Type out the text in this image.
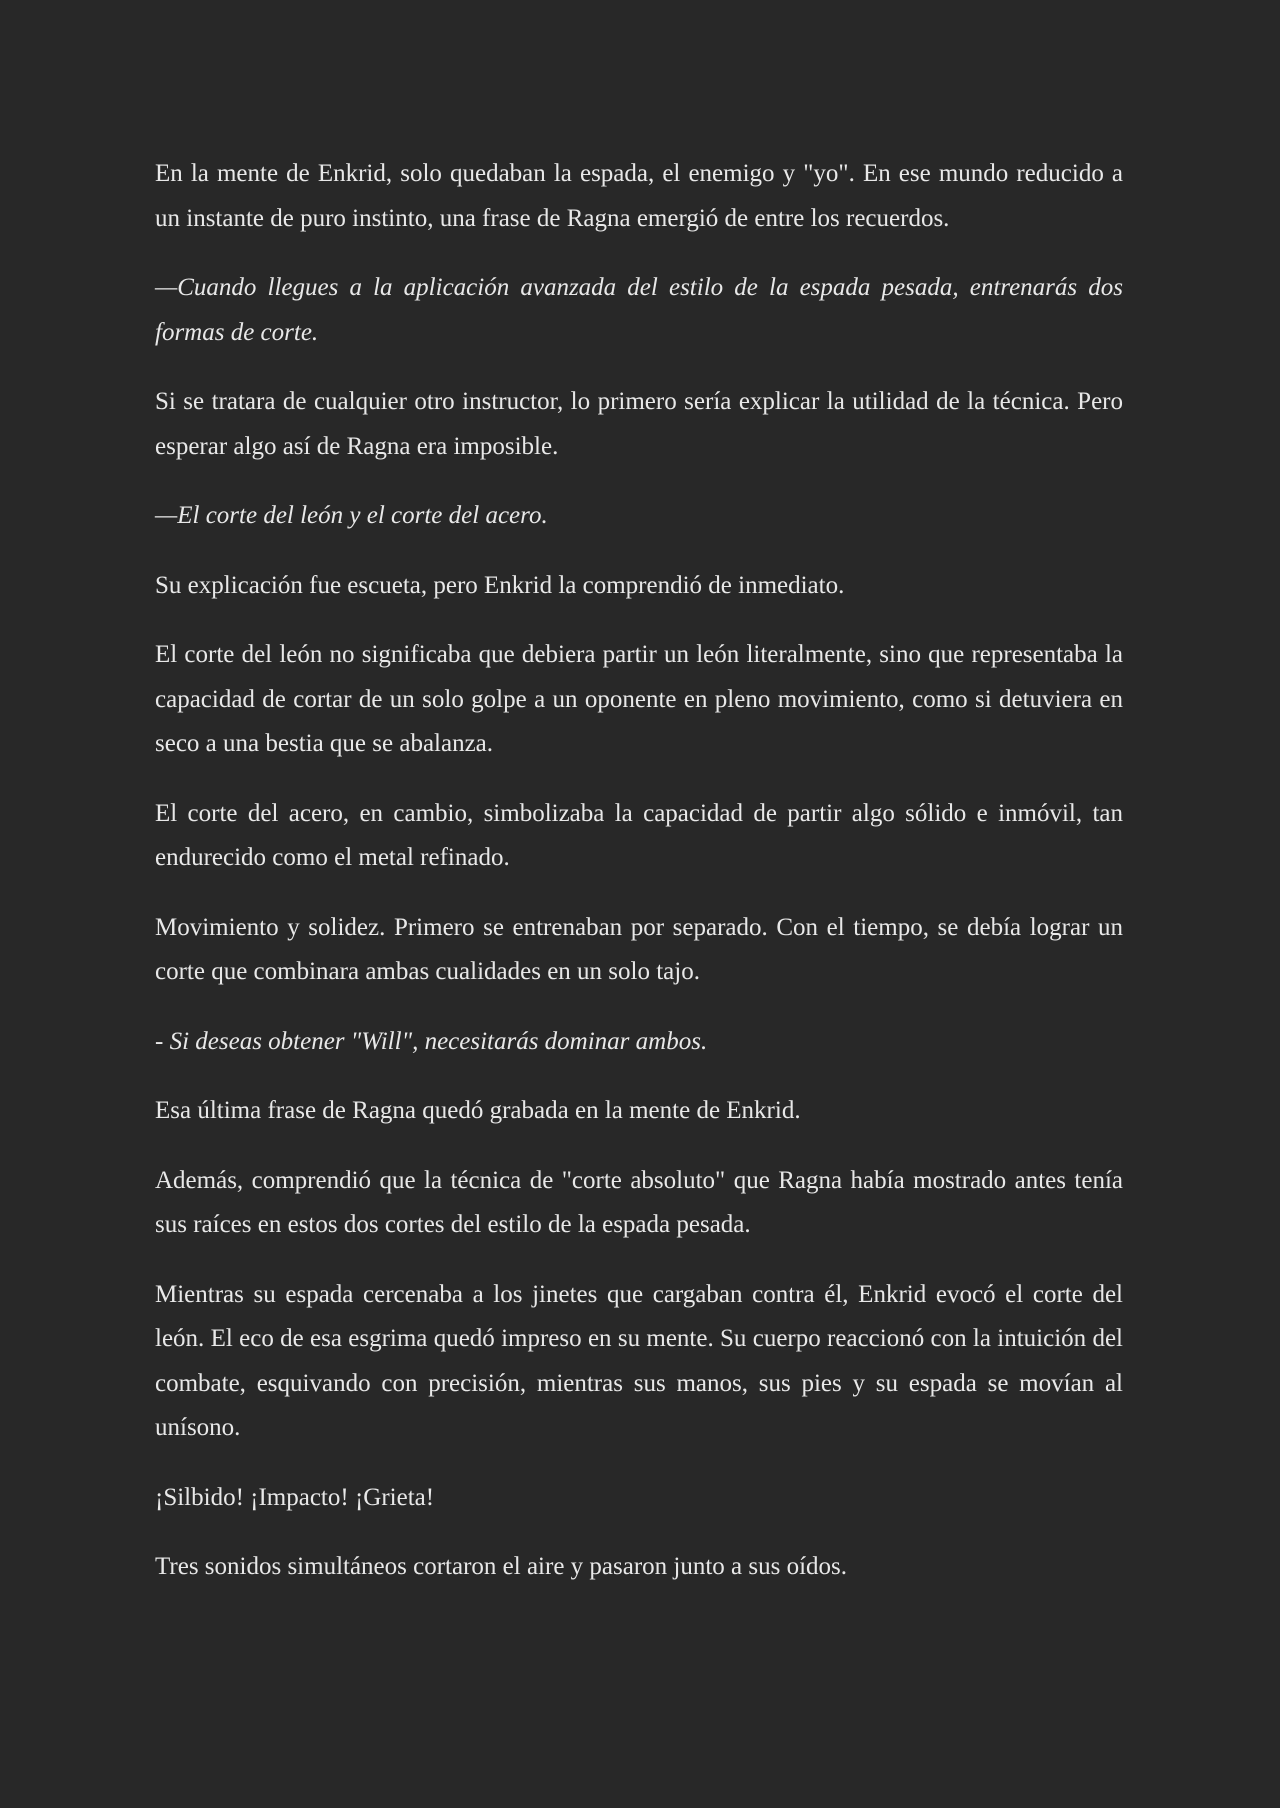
En la mente de Enkrid, solo quedaban la espada, el enemigo y "yo". En ese mundo reducido a un instante de puro instinto, una frase de Ragna emergió de entre los recuerdos.

—Cuando llegues a la aplicación avanzada del estilo de la espada pesada, entrenarás dos formas de corte.

Si se tratara de cualquier otro instructor, lo primero sería explicar la utilidad de la técnica. Pero esperar algo así de Ragna era imposible.

—El corte del león y el corte del acero.

Su explicación fue escueta, pero Enkrid la comprendió de inmediato.

El corte del león no significaba que debiera partir un león literalmente, sino que representaba la capacidad de cortar de un solo golpe a un oponente en pleno movimiento, como si detuviera en seco a una bestia que se abalanza.

El corte del acero, en cambio, simbolizaba la capacidad de partir algo sólido e inmóvil, tan endurecido como el metal refinado.

Movimiento y solidez. Primero se entrenaban por separado. Con el tiempo, se debía lograr un corte que combinara ambas cualidades en un solo tajo.

- Si deseas obtener "Will", necesitarás dominar ambos.

Esa última frase de Ragna quedó grabada en la mente de Enkrid.

Además, comprendió que la técnica de "corte absoluto" que Ragna había mostrado antes tenía sus raíces en estos dos cortes del estilo de la espada pesada.

Mientras su espada cercenaba a los jinetes que cargaban contra él, Enkrid evocó el corte del león. El eco de esa esgrima quedó impreso en su mente. Su cuerpo reaccionó con la intuición del combate, esquivando con precisión, mientras sus manos, sus pies y su espada se movían al unísono.

¡Silbido! ¡Impacto! ¡Grieta!

Tres sonidos simultáneos cortaron el aire y pasaron junto a sus oídos.
